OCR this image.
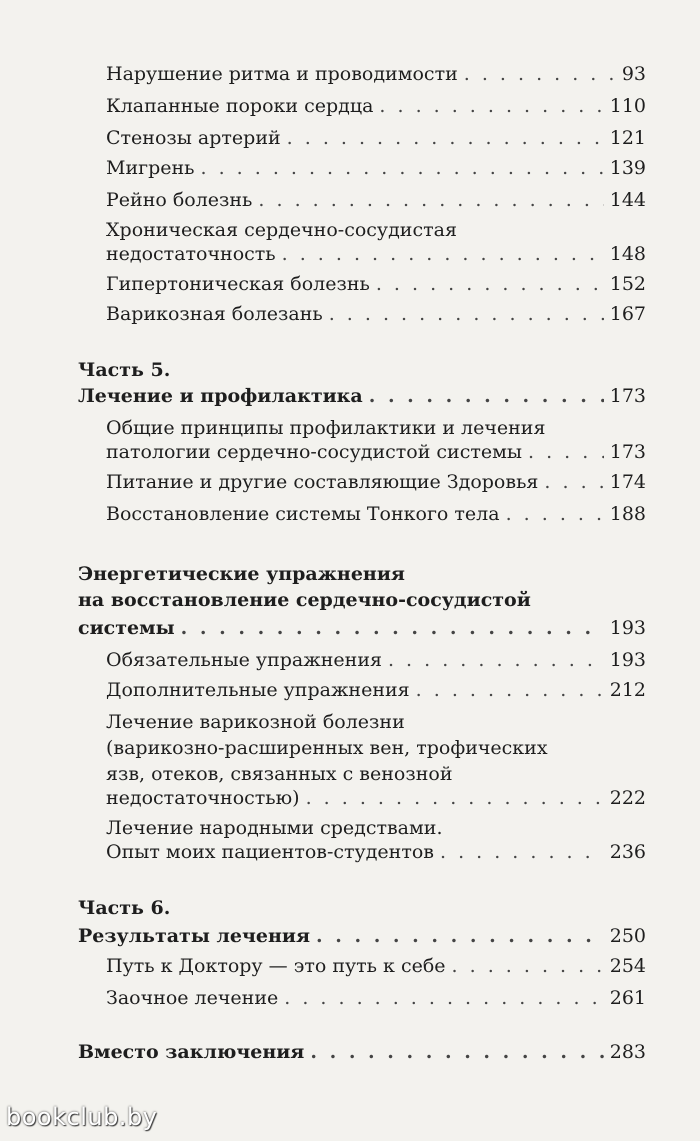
Нарушение ритма и проводимости . . .	93
Клапанные пороки сердца . . .	110
Стенозы артерий . . .	121
Мигрень . . .	139
Рейно болезнь . . .	144
Хроническая сердечно-сосудистая
недостаточность . . .	148
Гипертоническая болезнь . . .	152
Варикозная болезань . . .	167
Часть 5.
Лечение и профилактика . . .	173
Общие принципы профилактики и лечения
патологии сердечно-сосудистой системы . . .	173
Питание и другие составляющие Здоровья . . .	174
Восстановление системы Тонкого тела . . .	188
Энергетические упражнения
на восстановление сердечно-сосудистой
системы . . .	193
Обязательные упражнения . . .	193
Дополнительные упражнения . . .	212
Лечение варикозной болезни
(варикозно-расширенных вен, трофических
язв, отеков, связанных с венозной
недостаточностью) . . .	222
Лечение народными средствами.
Опыт моих пациентов-студентов . . .	236
Часть 6.
Результаты лечения . . .	250
Путь к Доктору — это путь к себе . . .	254
Заочное лечение . . .	261
Вместо заключения . . .	283
bookclub.by
